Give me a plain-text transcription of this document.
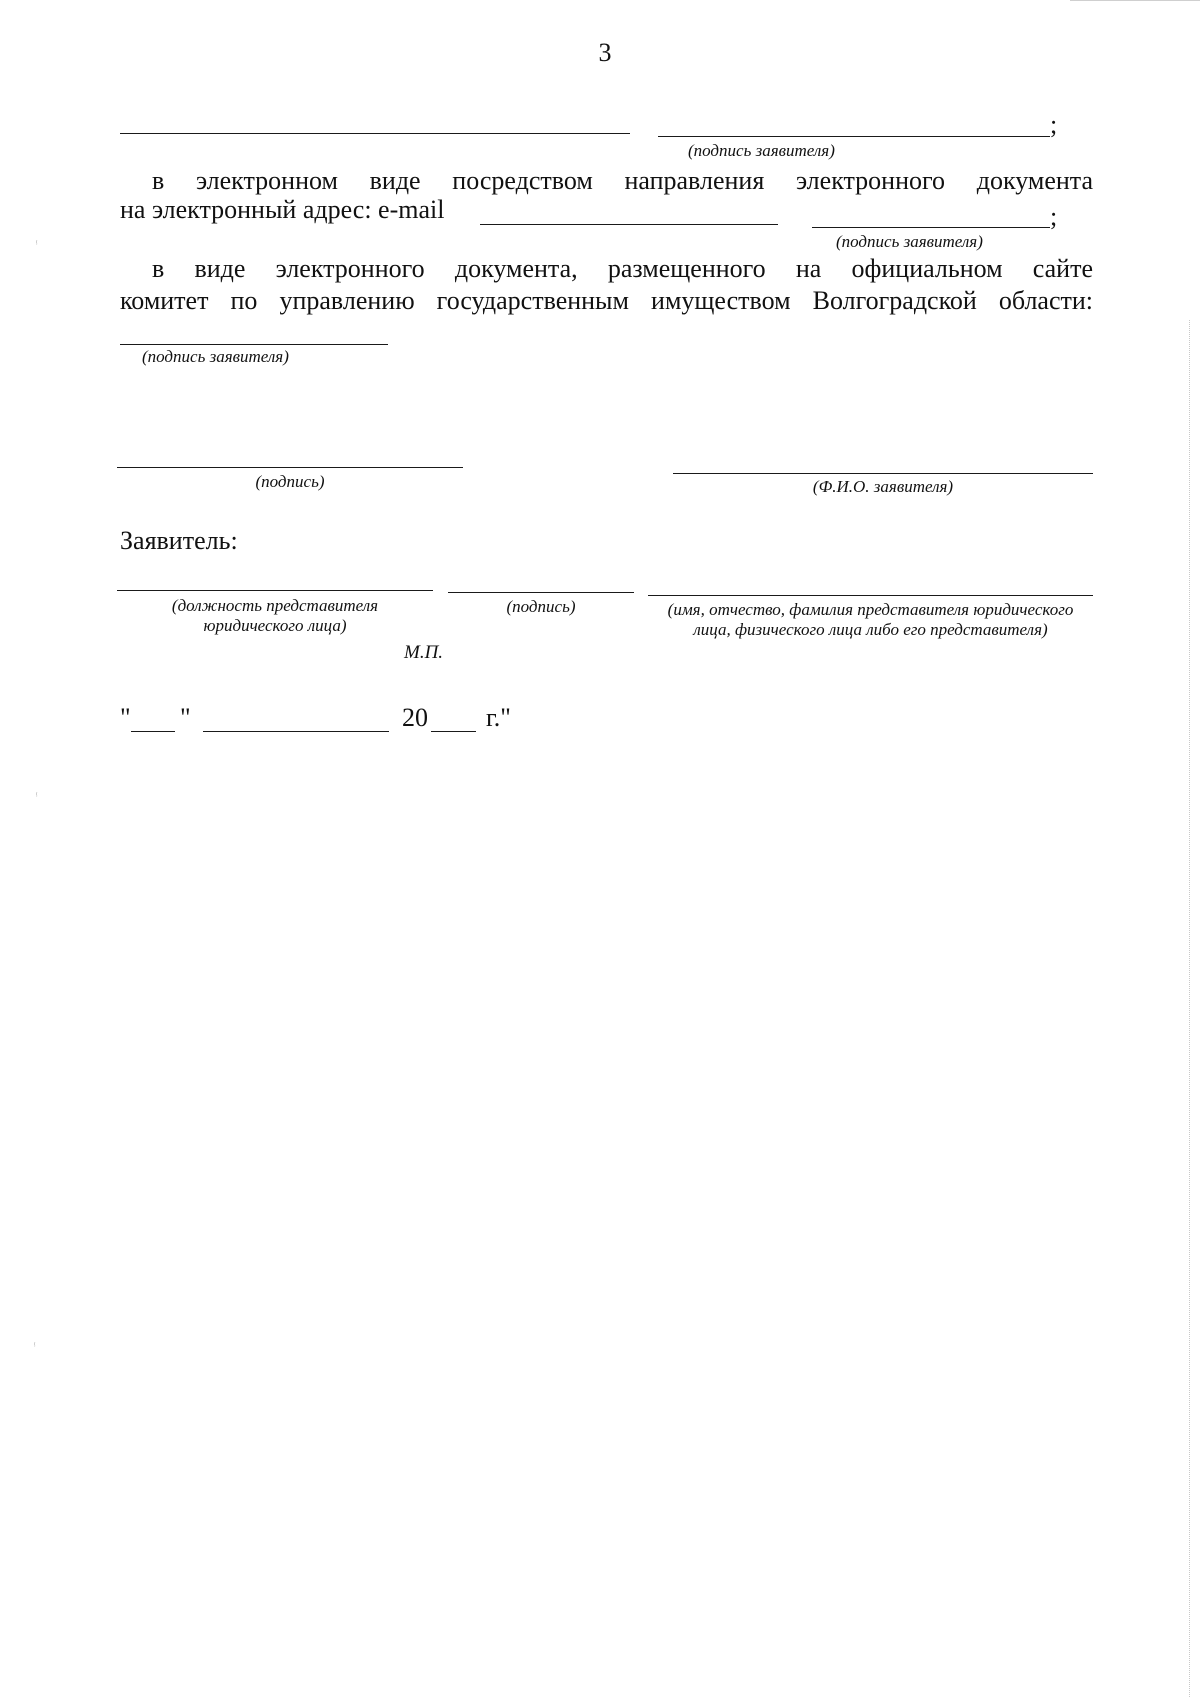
ᵎ
ᵎ
ᵎ
3
;
(подпись заявителя)
в электронном виде посредством направления электронного документа
на электронный адрес: e-mail	;
(подпись заявителя)
в виде электронного документа, размещенного на официальном сайте
комитет по управлению государственным имуществом Волгоградской области:
(подпись заявителя)
(подпись)	(Ф.И.О. заявителя)
Заявитель:
(должность представителя юридического лица)
(подпись)	(имя, отчество, фамилия представителя юридического лица, физического лица либо его представителя)
М.П.
" "	20 г."
